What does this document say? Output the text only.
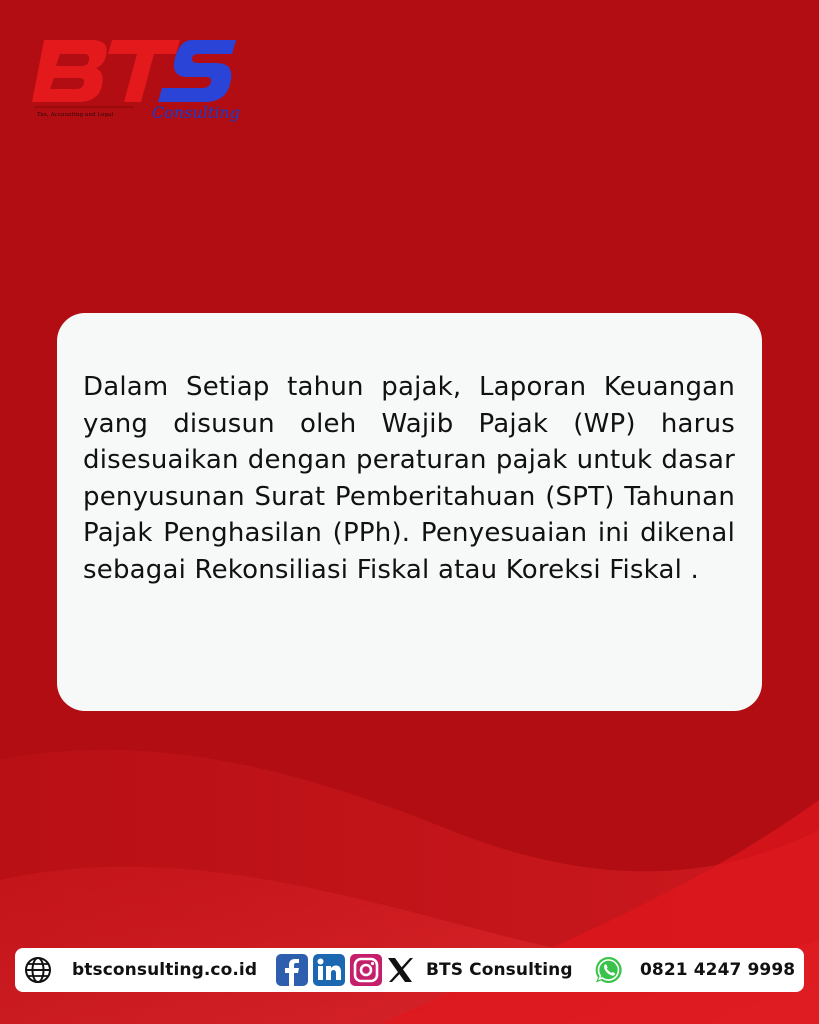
Tax, Accounting and Legal Consulting

Dalam Setiap tahun pajak, Laporan Keuangan yang disusun oleh Wajib Pajak (WP) harus disesuaikan dengan peraturan pajak untuk dasar penyusunan Surat Pemberitahuan (SPT) Tahunan Pajak Penghasilan (PPh). Penyesuaian ini dikenal sebagai Rekonsiliasi Fiskal atau Koreksi Fiskal .

btsconsulting.co.id	BTS Consulting	0821 4247 9998
